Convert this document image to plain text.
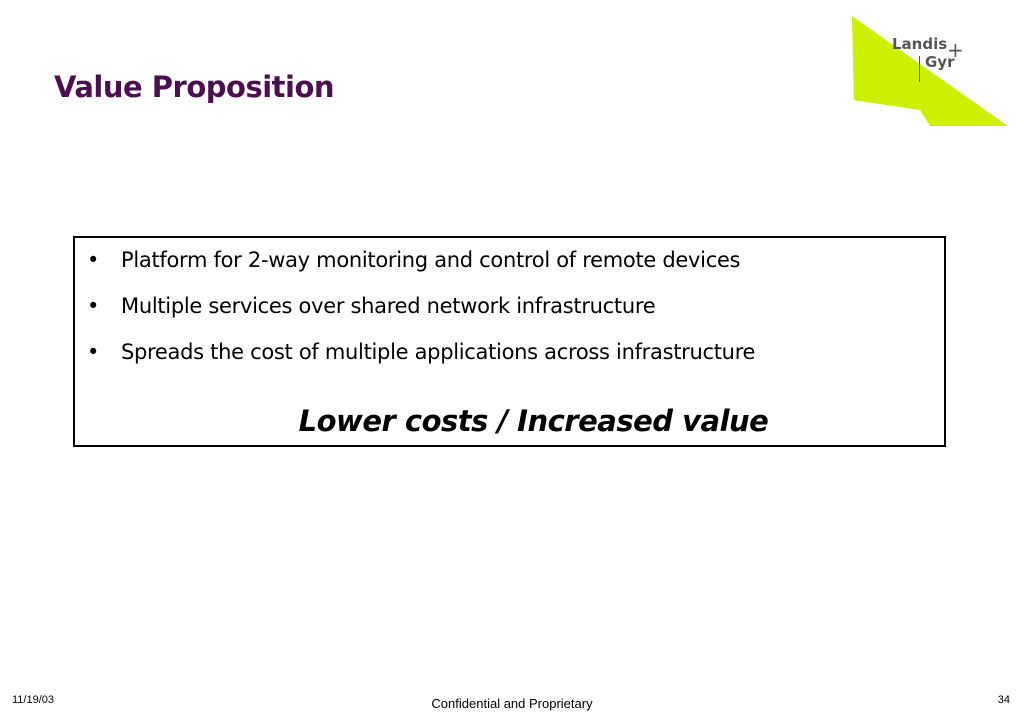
Value Proposition
Landis +
Gyr
• Platform for 2-way monitoring and control of remote devices
• Multiple services over shared network infrastructure
• Spreads the cost of multiple applications across infrastructure
Lower costs / Increased value
11/19/03	Confidential and Proprietary	34
